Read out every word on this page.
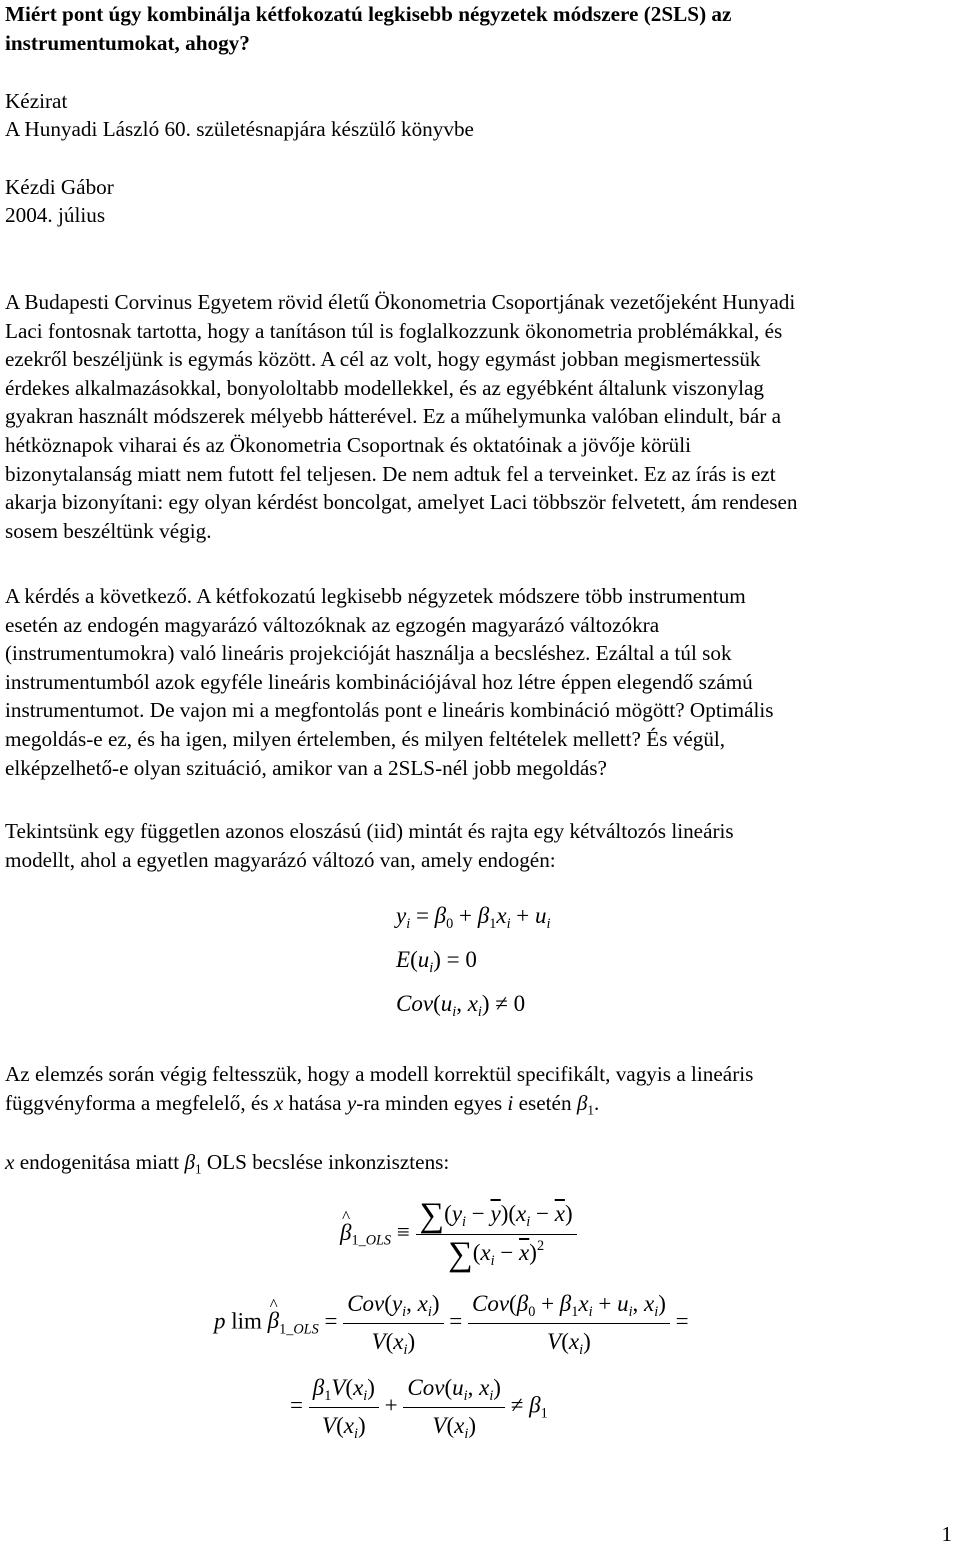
Miért pont úgy kombinálja kétfokozatú legkisebb négyzetek módszere (2SLS) az
instrumentumokat, ahogy?
Kézirat
A Hunyadi László 60. születésnapjára készülő könyvbe
Kézdi Gábor
2004. július
A Budapesti Corvinus Egyetem rövid életű Ökonometria Csoportjának vezetőjeként Hunyadi
Laci fontosnak tartotta, hogy a tanításon túl is foglalkozzunk ökonometria problémákkal, és
ezekről beszéljünk is egymás között. A cél az volt, hogy egymást jobban megismertessük
érdekes alkalmazásokkal, bonyololtabb modellekkel, és az egyébként általunk viszonylag
gyakran használt módszerek mélyebb hátterével. Ez a műhelymunka valóban elindult, bár a
hétköznapok viharai és az Ökonometria Csoportnak és oktatóinak a jövője körüli
bizonytalanság miatt nem futott fel teljesen. De nem adtuk fel a terveinket. Ez az írás is ezt
akarja bizonyítani: egy olyan kérdést boncolgat, amelyet Laci többször felvetett, ám rendesen
sosem beszéltünk végig.
A kérdés a következő. A kétfokozatú legkisebb négyzetek módszere több instrumentum
esetén az endogén magyarázó változóknak az egzogén magyarázó változókra
(instrumentumokra) való lineáris projekcióját használja a becsléshez. Ezáltal a túl sok
instrumentumból azok egyféle lineáris kombinációjával hoz létre éppen elegendő számú
instrumentumot. De vajon mi a megfontolás pont e lineáris kombináció mögött? Optimális
megoldás-e ez, és ha igen, milyen értelemben, és milyen feltételek mellett? És végül,
elképzelhető-e olyan szituáció, amikor van a 2SLS-nél jobb megoldás?
Tekintsünk egy független azonos eloszású (iid) mintát és rajta egy kétváltozós lineáris
modellt, ahol a egyetlen magyarázó változó van, amely endogén:
$y_i = \beta_0 + \beta_1x_i + u_i$
$E(u_i) = 0$
$Cov(u_i$, $x_i) \ne 0$
Az elemzés során végig feltesszük, hogy a modell korrektül specifikált, vagyis a lineáris
függvényforma a megfelelő, és x hatása y-ra minden egyes i esetén $\beta_1$.
x endogenitása miatt $\beta_1$ OLS becslése inkonzisztens:
^ $\beta_{1\_OLS} \equiv \frac{\sum(y_i - \overline{y})(x_i - \overline{x})}{\sum(x_i - \overline{x})^2}$
p lim ^ $\beta_{1\_OLS} = \frac{Cov(y_i, x_i)}{V(x_i)} = \frac{Cov(\beta_0 + \beta_1x_i + u_i, x_i)}{V(x_i)}$ =
= $\frac{\beta_1V(x_i)}{V(x_i)} + \frac{Cov(u_i, x_i)}{V(x_i)} \ne \beta_1$
1
